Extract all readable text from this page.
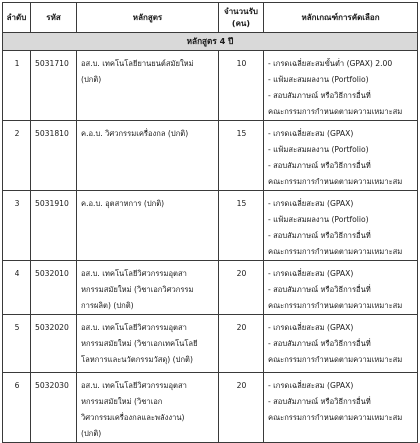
ลำดับ	รหัส	หลักสูตร	จำนวนรับ
(คน)	หลักเกณฑ์การคัดเลือก
หลักสูตร 4 ปี				
1	5031710	อส.บ. เทคโนโลยียานยนต์สมัยใหม่
(ปกติ)	10	- เกรดเฉลี่ยสะสมขั้นต่ำ (GPAX) 2.00
- แฟ้มสะสมผลงาน (Portfolio)
- สอบสัมภาษณ์ หรือวิธีการอื่นที่
คณะกรรมการกำหนดตามความเหมาะสม

2	5031810	ค.อ.บ. วิศวกรรมเครื่องกล (ปกติ)	15	- เกรดเฉลี่ยสะสม (GPAX)
- แฟ้มสะสมผลงาน (Portfolio)
- สอบสัมภาษณ์ หรือวิธีการอื่นที่
คณะกรรมการกำหนดตามความเหมาะสม

3	5031910	ค.อ.บ. อุตสาหการ (ปกติ)	15	- เกรดเฉลี่ยสะสม (GPAX)
- แฟ้มสะสมผลงาน (Portfolio)
- สอบสัมภาษณ์ หรือวิธีการอื่นที่
คณะกรรมการกำหนดตามความเหมาะสม

4	5032010	อส.บ. เทคโนโลยีวิศวกรรมอุตสา
หกรรมสมัยใหม่ (วิชาเอกวิศวกรรม
การผลิต) (ปกติ)	20	- เกรดเฉลี่ยสะสม (GPAX)
- สอบสัมภาษณ์ หรือวิธีการอื่นที่
คณะกรรมการกำหนดตามความเหมาะสม

5	5032020	อส.บ. เทคโนโลยีวิศวกรรมอุตสา
หกรรมสมัยใหม่ (วิชาเอกเทคโนโลยี
โลหการและนวัตกรรมวัสดุ) (ปกติ)	20	- เกรดเฉลี่ยสะสม (GPAX)
- สอบสัมภาษณ์ หรือวิธีการอื่นที่
คณะกรรมการกำหนดตามความเหมาะสม

6	5032030	อส.บ. เทคโนโลยีวิศวกรรมอุตสา
หกรรมสมัยใหม่ (วิชาเอก
วิศวกรรมเครื่องกลและพลังงาน)
(ปกติ)	20	- เกรดเฉลี่ยสะสม (GPAX)
- สอบสัมภาษณ์ หรือวิธีการอื่นที่
คณะกรรมการกำหนดตามความเหมาะสม
